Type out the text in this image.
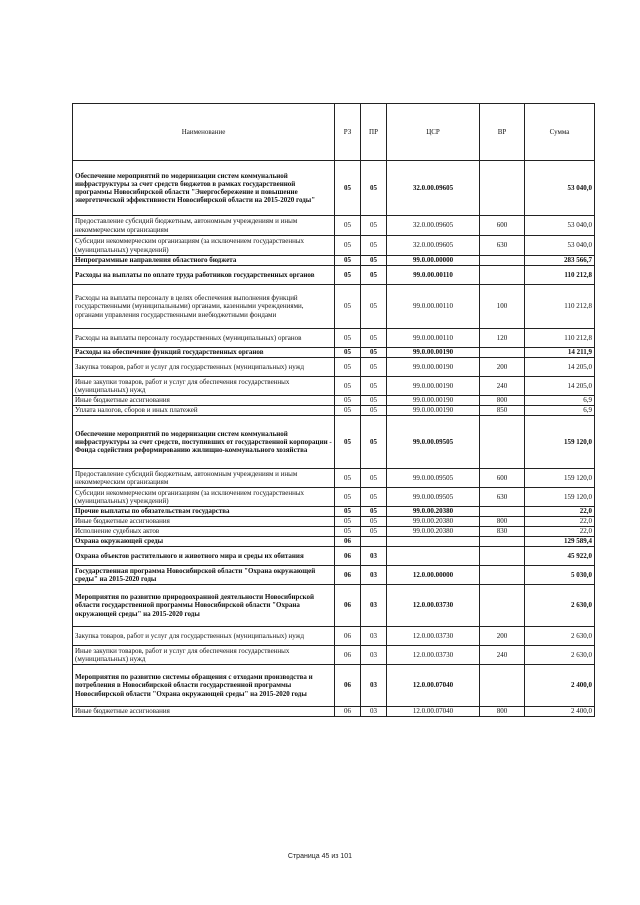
Наименование	РЗ	ПР	ЦСР	ВР	Сумма
Обеспечение мероприятий по модернизации систем коммунальной инфраструктуры за счет средств бюджетов в рамках государственной программы Новосибирской области "Энергосбережение и повышение энергетической эффективности Новосибирской области на 2015-2020 годы"	05	05	32.0.00.09605		53 040,0
Предоставление субсидий бюджетным, автономным учреждениям и иным некоммерческим организациям	05	05	32.0.00.09605	600	53 040,0
Субсидии некоммерческим организациям (за исключением государственных (муниципальных) учреждений)	05	05	32.0.00.09605	630	53 040,0
Непрограммные направления областного бюджета	05	05	99.0.00.00000		283 566,7
Расходы на выплаты по оплате труда работников государственных органов	05	05	99.0.00.00110		110 212,8
Расходы на выплаты персоналу в целях обеспечения выполнения функций государственными (муниципальными) органами, казенными учреждениями, органами управления государственными внебюджетными фондами	05	05	99.0.00.00110	100	110 212,8
Расходы на выплаты персоналу государственных (муниципальных) органов	05	05	99.0.00.00110	120	110 212,8
Расходы на обеспечение функций государственных органов	05	05	99.0.00.00190		14 211,9
Закупка товаров, работ и услуг для государственных (муниципальных) нужд	05	05	99.0.00.00190	200	14 205,0
Иные закупки товаров, работ и услуг для обеспечения государственных (муниципальных) нужд	05	05	99.0.00.00190	240	14 205,0
Иные бюджетные ассигнования	05	05	99.0.00.00190	800	6,9
Уплата налогов, сборов и иных платежей	05	05	99.0.00.00190	850	6,9
Обеспечение мероприятий по модернизации систем коммунальной инфраструктуры за счет средств, поступивших от государственной корпорации - Фонда содействия реформированию жилищно-коммунального хозяйства	05	05	99.0.00.09505		159 120,0
Предоставление субсидий бюджетным, автономным учреждениям и иным некоммерческим организациям	05	05	99.0.00.09505	600	159 120,0
Субсидии некоммерческим организациям (за исключением государственных (муниципальных) учреждений)	05	05	99.0.00.09505	630	159 120,0
Прочие выплаты по обязательствам государства	05	05	99.0.00.20380		22,0
Иные бюджетные ассигнования	05	05	99.0.00.20380	800	22,0
Исполнение судебных актов	05	05	99.0.00.20380	830	22,0
Охрана окружающей среды	06				129 589,4
Охрана объектов растительного и животного мира и среды их обитания	06	03			45 922,0
Государственная программа Новосибирской области "Охрана окружающей среды" на 2015-2020 годы	06	03	12.0.00.00000		5 030,0
Мероприятия по развитию природоохранной деятельности Новосибирской области государственной программы Новосибирской области "Охрана окружающей среды" на 2015-2020 годы	06	03	12.0.00.03730		2 630,0
Закупка товаров, работ и услуг для государственных (муниципальных) нужд	06	03	12.0.00.03730	200	2 630,0
Иные закупки товаров, работ и услуг для обеспечения государственных (муниципальных) нужд	06	03	12.0.00.03730	240	2 630,0
Мероприятия по развитию системы обращения с отходами производства и потребления в Новосибирской области государственной программы Новосибирской области "Охрана окружающей среды" на 2015-2020 годы	06	03	12.0.00.07040		2 400,0
Иные бюджетные ассигнования	06	03	12.0.00.07040	800	2 400,0
Страница 45 из 101
